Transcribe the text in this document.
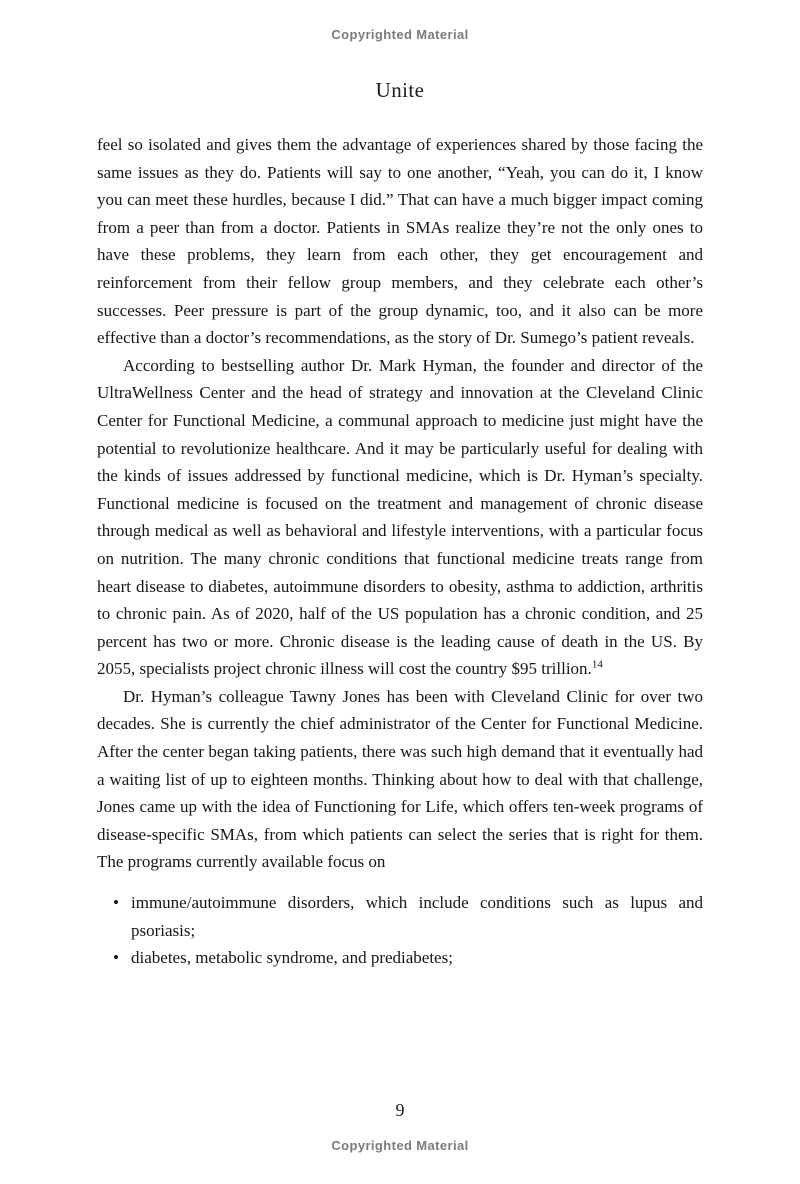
Copyrighted Material
Unite

feel so isolated and gives them the advantage of experiences shared by those facing the same issues as they do. Patients will say to one another, “Yeah, you can do it, I know you can meet these hurdles, because I did.” That can have a much bigger impact coming from a peer than from a doctor. Patients in SMAs realize they’re not the only ones to have these problems, they learn from each other, they get encouragement and reinforcement from their fellow group members, and they celebrate each other’s successes. Peer pressure is part of the group dynamic, too, and it also can be more effective than a doctor’s recommendations, as the story of Dr. Sumego’s patient reveals.

According to bestselling author Dr. Mark Hyman, the founder and director of the UltraWellness Center and the head of strategy and innovation at the Cleveland Clinic Center for Functional Medicine, a communal approach to medicine just might have the potential to revolutionize healthcare. And it may be particularly useful for dealing with the kinds of issues addressed by functional medicine, which is Dr. Hyman’s specialty. Functional medicine is focused on the treatment and management of chronic disease through medical as well as behavioral and lifestyle interventions, with a particular focus on nutrition. The many chronic conditions that functional medicine treats range from heart disease to diabetes, autoimmune disorders to obesity, asthma to addiction, arthritis to chronic pain. As of 2020, half of the US population has a chronic condition, and 25 percent has two or more. Chronic disease is the leading cause of death in the US. By 2055, specialists project chronic illness will cost the country $95 trillion.$^{14}$

Dr. Hyman’s colleague Tawny Jones has been with Cleveland Clinic for over two decades. She is currently the chief administrator of the Center for Functional Medicine. After the center began taking patients, there was such high demand that it eventually had a waiting list of up to eighteen months. Thinking about how to deal with that challenge, Jones came up with the idea of Functioning for Life, which offers ten-week programs of disease-specific SMAs, from which patients can select the series that is right for them. The programs currently available focus on

• immune/autoimmune disorders, which include conditions such as lupus and psoriasis;
• diabetes, metabolic syndrome, and prediabetes;
9
Copyrighted Material
